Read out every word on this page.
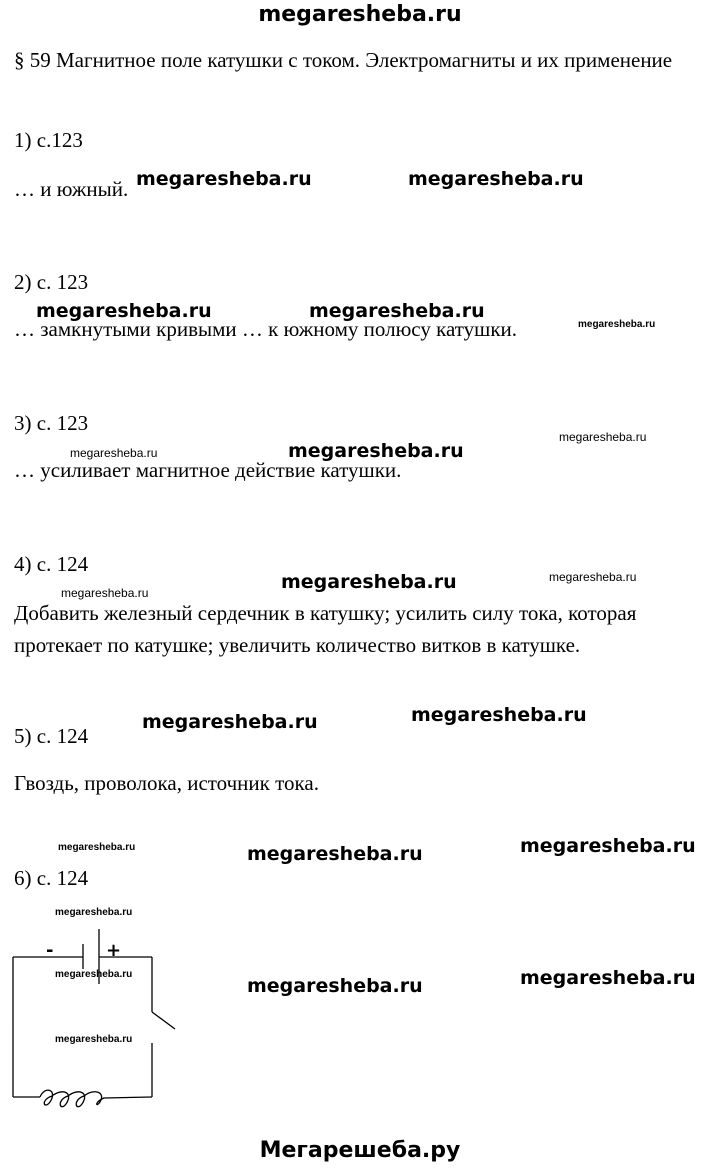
megaresheba.ru
§ 59 Магнитное поле катушки с током. Электромагниты и их применение
1) с.123
… и южный.
2) с. 123
… замкнутыми кривыми … к южному полюсу катушки.
3) с. 123
… усиливает магнитное действие катушки.
4) с. 124
Добавить железный сердечник в катушку; усилить силу тока, которая протекает по катушке; увеличить количество витков в катушке.
5) с. 124
Гвоздь, проволока, источник тока.
6) с. 124
megaresheba.ru	megaresheba.ru
megaresheba.ru	megaresheba.ru
megaresheba.ru
megaresheba.ru	megaresheba.ru
megaresheba.ru
megaresheba.ru	megaresheba.ru	megaresheba.ru
megaresheba.ru	megaresheba.ru
megaresheba.ru	megaresheba.ru	megaresheba.ru
megaresheba.ru
megaresheba.ru
megaresheba.ru	megaresheba.ru
megaresheba.ru
-	+
Мегарешеба.ру
